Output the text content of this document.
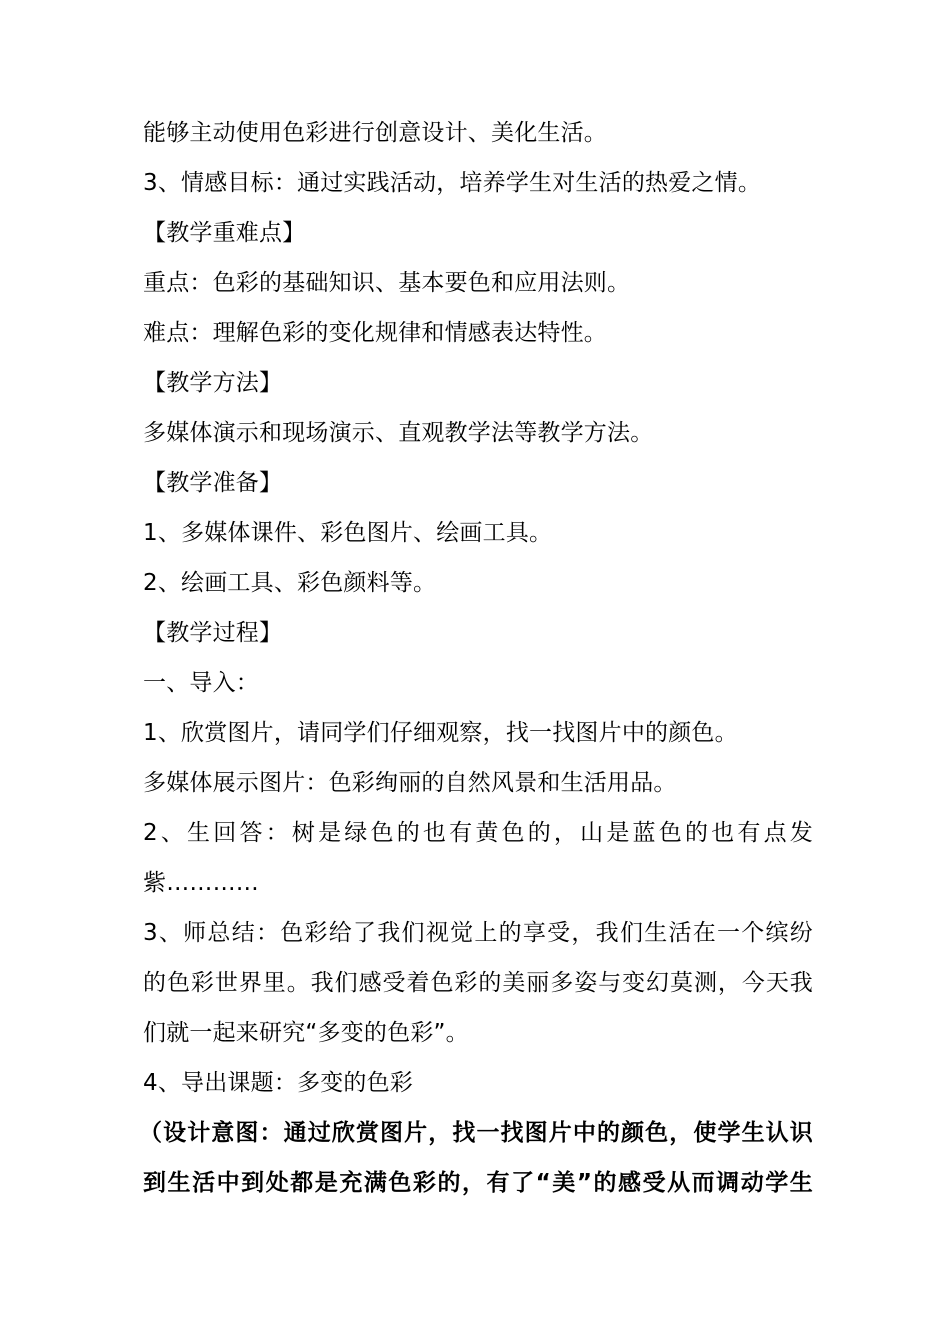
能够主动使用色彩进行创意设计、美化生活。
3、情感目标：通过实践活动，培养学生对生活的热爱之情。
【教学重难点】
重点：色彩的基础知识、基本要色和应用法则。
难点：理解色彩的变化规律和情感表达特性。
【教学方法】
多媒体演示和现场演示、直观教学法等教学方法。
【教学准备】
1、多媒体课件、彩色图片、绘画工具。
2、绘画工具、彩色颜料等。
【教学过程】
一、导入：
1、欣赏图片，请同学们仔细观察，找一找图片中的颜色。
多媒体展示图片：色彩绚丽的自然风景和生活用品。
2、生回答：树是绿色的也有黄色的，山是蓝色的也有点发
紫…………
3、师总结：色彩给了我们视觉上的享受，我们生活在一个缤纷
的色彩世界里。我们感受着色彩的美丽多姿与变幻莫测，今天我
们就一起来研究“多变的色彩”。
4、导出课题：多变的色彩
（设计意图：通过欣赏图片，找一找图片中的颜色，使学生认识
到生活中到处都是充满色彩的，有了“美”的感受从而调动学生
